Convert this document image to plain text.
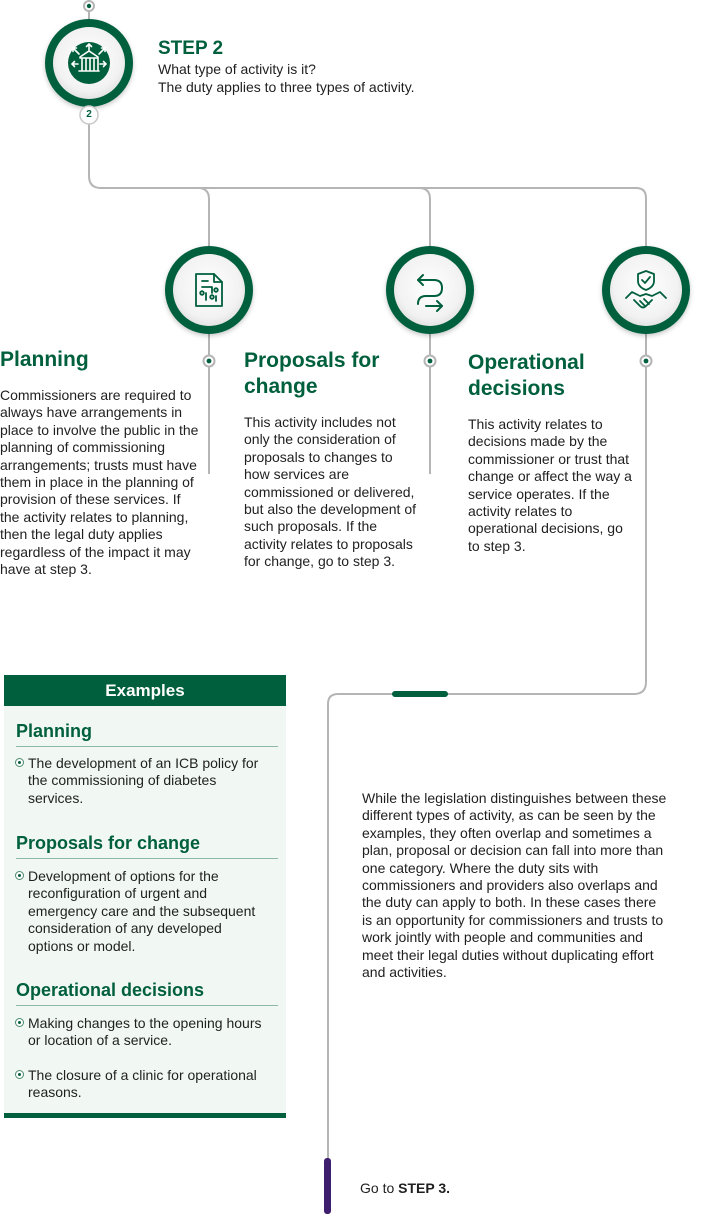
2
STEP 2
What type of activity is it?
The duty applies to three types of activity.
Planning
Commissioners are required to always have arrangements in place to involve the public in the planning of commissioning arrangements; trusts must have them in place in the planning of provision of these services. If the activity relates to planning, then the legal duty applies regardless of the impact it may have at step 3.
Proposals for change
This activity includes not only the consideration of proposals to changes to how services are commissioned or delivered, but also the development of such proposals. If the activity relates to proposals for change, go to step 3.
Operational decisions
This activity relates to decisions made by the commissioner or trust that change or affect the way a service operates. If the activity relates to operational decisions, go to step 3.
Examples
Planning
The development of an ICB policy for the commissioning of diabetes services.
Proposals for change
Development of options for the reconfiguration of urgent and emergency care and the subsequent consideration of any developed options or model.
Operational decisions
Making changes to the opening hours or location of a service.
The closure of a clinic for operational reasons.
While the legislation distinguishes between these different types of activity, as can be seen by the examples, they often overlap and sometimes a plan, proposal or decision can fall into more than one category. Where the duty sits with commissioners and providers also overlaps and the duty can apply to both. In these cases there is an opportunity for commissioners and trusts to work jointly with people and communities and meet their legal duties without duplicating effort and activities.
Go to STEP 3.
